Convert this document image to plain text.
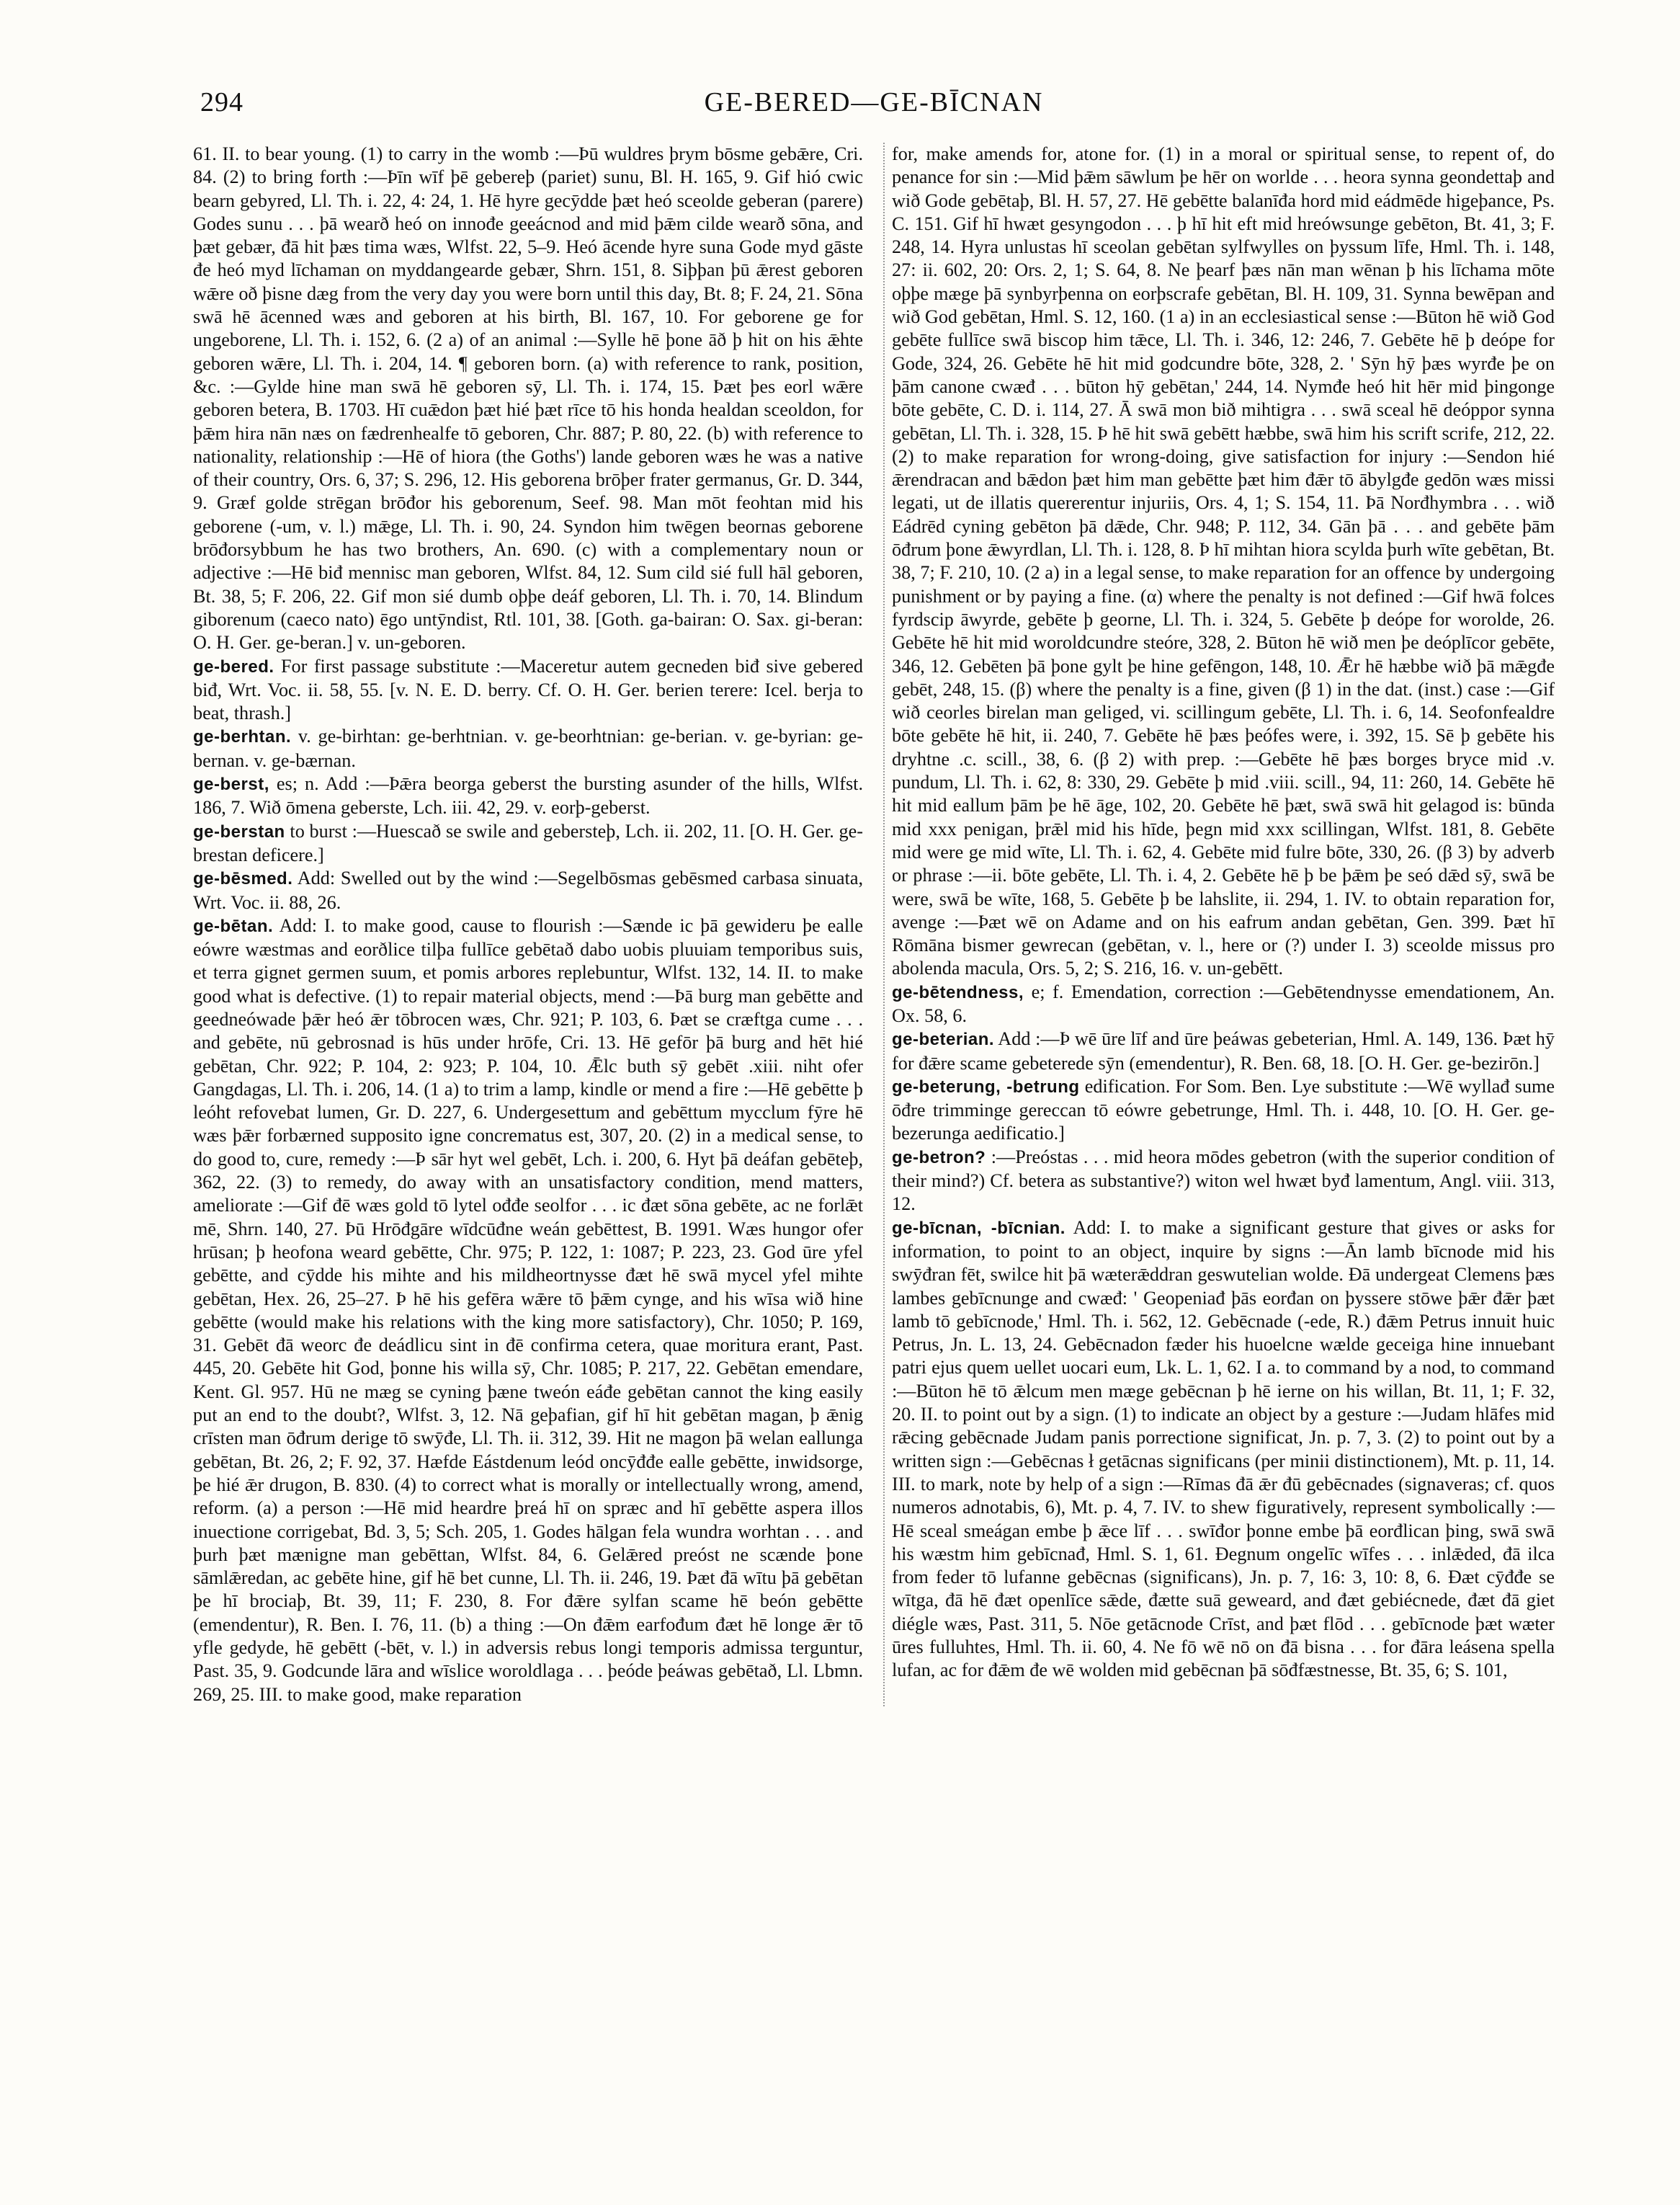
294	GE-BERED—GE-BĪCNAN

61. II. to bear young. (1) to carry in the womb :—Þū wuldres þrym bōsme gebǣre, Cri. 84. (2) to bring forth :—Þīn wīf þē gebereþ (pariet) sunu, Bl. H. 165, 9. Gif hió cwic bearn gebyred, Ll. Th. i. 22, 4: 24, 1. Hē hyre gecȳdde þæt heó sceolde geberan (parere) Godes sunu . . . þā wearð heó on innođe geeácnod and mid þǣm cilde wearð sōna, and þæt gebær, đā hit þæs tima wæs, Wlfst. 22, 5–9. Heó ācende hyre suna Gode myd gāste đe heó myd līchaman on myddangearde gebær, Shrn. 151, 8. Siþþan þū ǣrest geboren wǣre oð þisne dæg from the very day you were born until this day, Bt. 8; F. 24, 21. Sōna swā hē ācenned wæs and geboren at his birth, Bl. 167, 10. For geborene ge for ungeborene, Ll. Th. i. 152, 6. (2 a) of an animal :—Sylle hē þone āð þ hit on his ǣhte geboren wǣre, Ll. Th. i. 204, 14. ¶ geboren born. (a) with reference to rank, position, &c. :—Gylde hine man swā hē geboren sȳ, Ll. Th. i. 174, 15. Þæt þes eorl wǣre geboren betera, B. 1703. Hī cuǣdon þæt hié þæt rīce tō his honda healdan sceoldon, for þǣm hira nān næs on fædrenhealfe tō geboren, Chr. 887; P. 80, 22. (b) with reference to nationality, relationship :—Hē of hiora (the Goths') lande geboren wæs he was a native of their country, Ors. 6, 37; S. 296, 12. His geborena brōþer frater germanus, Gr. D. 344, 9. Græf golde strēgan brōđor his geborenum, Seef. 98. Man mōt feohtan mid his geborene (-um, v. l.) mǣge, Ll. Th. i. 90, 24. Syndon him twēgen beornas geborene brōđorsybbum he has two brothers, An. 690. (c) with a complementary noun or adjective :—Hē biđ mennisc man geboren, Wlfst. 84, 12. Sum cild sié full hāl geboren, Bt. 38, 5; F. 206, 22. Gif mon sié dumb oþþe deáf geboren, Ll. Th. i. 70, 14. Blindum giborenum (caeco nato) ēgo untȳndist, Rtl. 101, 38. [Goth. ga-bairan: O. Sax. gi-beran: O. H. Ger. ge-beran.] v. un-geboren.

ge-bered. For first passage substitute :—Maceretur autem gecneden biđ sive gebered biđ, Wrt. Voc. ii. 58, 55. [v. N. E. D. berry. Cf. O. H. Ger. berien terere: Icel. berja to beat, thrash.]

ge-berhtan. v. ge-birhtan: ge-berhtnian. v. ge-beorhtnian: ge-berian. v. ge-byrian: ge-bernan. v. ge-bærnan.

ge-berst, es; n. Add :—Þǣra beorga geberst the bursting asunder of the hills, Wlfst. 186, 7. Wið ōmena geberste, Lch. iii. 42, 29. v. eorþ-geberst.

ge-berstan to burst :—Huescað se swile and gebersteþ, Lch. ii. 202, 11. [O. H. Ger. ge-brestan deficere.]

ge-bēsmed. Add: Swelled out by the wind :—Segelbōsmas gebēsmed carbasa sinuata, Wrt. Voc. ii. 88, 26.

ge-bētan. Add: I. to make good, cause to flourish :—Sænde ic þā gewideru þe ealle eówre wæstmas and eorðlice tilþa fullīce gebētað dabo uobis pluuiam temporibus suis, et terra gignet germen suum, et pomis arbores replebuntur, Wlfst. 132, 14. II. to make good what is defective. (1) to repair material objects, mend :—Þā burg man gebētte and geedneówade þǣr heó ǣr tōbrocen wæs, Chr. 921; P. 103, 6. Þæt se cræftga cume . . . and gebēte, nū gebrosnad is hūs under hrōfe, Cri. 13. Hē gefōr þā burg and hēt hié gebētan, Chr. 922; P. 104, 2: 923; P. 104, 10. Ǣlc buth sȳ gebēt .xiii. niht ofer Gangdagas, Ll. Th. i. 206, 14. (1 a) to trim a lamp, kindle or mend a fire :—Hē gebētte þ leóht refovebat lumen, Gr. D. 227, 6. Undergesettum and gebēttum mycclum fȳre hē wæs þǣr forbærned supposito igne concrematus est, 307, 20. (2) in a medical sense, to do good to, cure, remedy :—Þ sār hyt wel gebēt, Lch. i. 200, 6. Hyt þā deáfan gebēteþ, 362, 22. (3) to remedy, do away with an unsatisfactory condition, mend matters, ameliorate :—Gif đē wæs gold tō lytel ođđe seolfor . . . ic đæt sōna gebēte, ac ne forlǣt mē, Shrn. 140, 27. Þū Hrōđgāre wīdcūđne weán gebēttest, B. 1991. Wæs hungor ofer hrūsan; þ heofona weard gebētte, Chr. 975; P. 122, 1: 1087; P. 223, 23. God ūre yfel gebētte, and cȳdde his mihte and his mildheortnysse đæt hē swā mycel yfel mihte gebētan, Hex. 26, 25–27. Þ hē his gefēra wǣre tō þǣm cynge, and his wīsa wið hine gebētte (would make his relations with the king more satisfactory), Chr. 1050; P. 169, 31. Gebēt đā weorc đe deádlicu sint in đē confirma cetera, quae moritura erant, Past. 445, 20. Gebēte hit God, þonne his willa sȳ, Chr. 1085; P. 217, 22. Gebētan emendare, Kent. Gl. 957. Hū ne mæg se cyning þæne tweón eáđe gebētan cannot the king easily put an end to the doubt?, Wlfst. 3, 12. Nā geþafian, gif hī hit gebētan magan, þ ǣnig crīsten man ōđrum derige tō swȳđe, Ll. Th. ii. 312, 39. Hit ne magon þā welan eallunga gebētan, Bt. 26, 2; F. 92, 37. Hæfde Eástdenum leód oncȳđđe ealle gebētte, inwidsorge, þe hié ǣr drugon, B. 830. (4) to correct what is morally or intellectually wrong, amend, reform. (a) a person :—Hē mid heardre þreá hī on spræc and hī gebētte aspera illos inuectione corrigebat, Bd. 3, 5; Sch. 205, 1. Godes hālgan fela wundra worhtan . . . and þurh þæt mænigne man gebēttan, Wlfst. 84, 6. Gelǣred preóst ne scænde þone sāmlǣredan, ac gebēte hine, gif hē bet cunne, Ll. Th. ii. 246, 19. Þæt đā wītu þā gebētan þe hī brociaþ, Bt. 39, 11; F. 230, 8. For đǣre sylfan scame hē beón gebētte (emendentur), R. Ben. I. 76, 11. (b) a thing :—On đǣm earfođum đæt hē longe ǣr tō yfle gedyde, hē gebētt (-bēt, v. l.) in adversis rebus longi temporis admissa terguntur, Past. 35, 9. Godcunde lāra and wīslice woroldlaga . . . þeóde þeáwas gebētað, Ll. Lbmn. 269, 25. III. to make good, make reparation

for, make amends for, atone for. (1) in a moral or spiritual sense, to repent of, do penance for sin :—Mid þǣm sāwlum þe hēr on worlde . . . heora synna geondettaþ and wið Gode gebētaþ, Bl. H. 57, 27. Hē gebētte balanīđa hord mid eádmēde higeþance, Ps. C. 151. Gif hī hwæt gesyngodon . . . þ hī hit eft mid hreówsunge gebēton, Bt. 41, 3; F. 248, 14. Hyra unlustas hī sceolan gebētan sylfwylles on þyssum līfe, Hml. Th. i. 148, 27: ii. 602, 20: Ors. 2, 1; S. 64, 8. Ne þearf þæs nān man wēnan þ his līchama mōte oþþe mæge þā synbyrþenna on eorþscrafe gebētan, Bl. H. 109, 31. Synna bewēpan and wið God gebētan, Hml. S. 12, 160. (1 a) in an ecclesiastical sense :—Būton hē wið God gebēte fullīce swā biscop him tǣce, Ll. Th. i. 346, 12: 246, 7. Gebēte hē þ deópe for Gode, 324, 26. Gebēte hē hit mid godcundre bōte, 328, 2. ' Sȳn hȳ þæs wyrđe þe on þām canone cwæđ . . . būton hȳ gebētan,' 244, 14. Nymđe heó hit hēr mid þingonge bōte gebēte, C. D. i. 114, 27. Ā swā mon bið mihtigra . . . swā sceal hē deóppor synna gebētan, Ll. Th. i. 328, 15. Þ hē hit swā gebētt hæbbe, swā him his scrift scrife, 212, 22. (2) to make reparation for wrong-doing, give satisfaction for injury :—Sendon hié ǣrendracan and bǣdon þæt him man gebētte þæt him đǣr tō ābylgđe gedōn wæs missi legati, ut de illatis quererentur injuriis, Ors. 4, 1; S. 154, 11. Þā Norđhymbra . . . wið Eádrēd cyning gebēton þā dǣde, Chr. 948; P. 112, 34. Gān þā . . . and gebēte þām ōđrum þone ǣwyrdlan, Ll. Th. i. 128, 8. Þ hī mihtan hiora scylda þurh wīte gebētan, Bt. 38, 7; F. 210, 10. (2 a) in a legal sense, to make reparation for an offence by undergoing punishment or by paying a fine. (α) where the penalty is not defined :—Gif hwā folces fyrdscip āwyrde, gebēte þ georne, Ll. Th. i. 324, 5. Gebēte þ deópe for worolde, 26. Gebēte hē hit mid woroldcundre steóre, 328, 2. Būton hē wið men þe deóplīcor gebēte, 346, 12. Gebēten þā þone gylt þe hine gefēngon, 148, 10. Ǣr hē hæbbe wið þā mǣgđe gebēt, 248, 15. (β) where the penalty is a fine, given (β 1) in the dat. (inst.) case :—Gif wið ceorles birelan man geliged, vi. scillingum gebēte, Ll. Th. i. 6, 14. Seofonfealdre bōte gebēte hē hit, ii. 240, 7. Gebēte hē þæs þeófes were, i. 392, 15. Sē þ gebēte his dryhtne .c. scill., 38, 6. (β 2) with prep. :—Gebēte hē þæs borges bryce mid .v. pundum, Ll. Th. i. 62, 8: 330, 29. Gebēte þ mid .viii. scill., 94, 11: 260, 14. Gebēte hē hit mid eallum þām þe hē āge, 102, 20. Gebēte hē þæt, swā swā hit gelagod is: būnda mid xxx penigan, þrǣl mid his hīde, þegn mid xxx scillingan, Wlfst. 181, 8. Gebēte mid were ge mid wīte, Ll. Th. i. 62, 4. Gebēte mid fulre bōte, 330, 26. (β 3) by adverb or phrase :—ii. bōte gebēte, Ll. Th. i. 4, 2. Gebēte hē þ be þǣm þe seó dǣd sȳ, swā be were, swā be wīte, 168, 5. Gebēte þ be lahslite, ii. 294, 1. IV. to obtain reparation for, avenge :—Þæt wē on Adame and on his eafrum andan gebētan, Gen. 399. Þæt hī Rōmāna bismer gewrecan (gebētan, v. l., here or (?) under I. 3) sceolde missus pro abolenda macula, Ors. 5, 2; S. 216, 16. v. un-gebētt.

ge-bētendness, e; f. Emendation, correction :—Gebētendnysse emendationem, An. Ox. 58, 6.

ge-beterian. Add :—Þ wē ūre līf and ūre þeáwas gebeterian, Hml. A. 149, 136. Þæt hȳ for đǣre scame gebeterede sȳn (emendentur), R. Ben. 68, 18. [O. H. Ger. ge-bezirōn.]

ge-beterung, -betrung edification. For Som. Ben. Lye substitute :—Wē wyllađ sume ōđre trimminge gereccan tō eówre gebetrunge, Hml. Th. i. 448, 10. [O. H. Ger. ge-bezerunga aedificatio.]

ge-betron? :—Preóstas . . . mid heora mōdes gebetron (with the superior condition of their mind?) Cf. betera as substantive?) witon wel hwæt byđ lamentum, Angl. viii. 313, 12.

ge-bīcnan, -bīcnian. Add: I. to make a significant gesture that gives or asks for information, to point to an object, inquire by signs :—Ān lamb bīcnode mid his swȳđran fēt, swilce hit þā wæterǣddran geswutelian wolde. Đā undergeat Clemens þæs lambes gebīcnunge and cwæđ: ' Geopeniađ þās eorđan on þyssere stōwe þǣr đǣr þæt lamb tō gebīcnode,' Hml. Th. i. 562, 12. Gebēcnade (-ede, R.) đǣm Petrus innuit huic Petrus, Jn. L. 13, 24. Gebēcnadon fæder his huoelcne wælde geceiga hine innuebant patri ejus quem uellet uocari eum, Lk. L. 1, 62. I a. to command by a nod, to command :—Būton hē tō ǣlcum men mæge gebēcnan þ hē ierne on his willan, Bt. 11, 1; F. 32, 20. II. to point out by a sign. (1) to indicate an object by a gesture :—Judam hlāfes mid rǣcing gebēcnade Judam panis porrectione significat, Jn. p. 7, 3. (2) to point out by a written sign :—Gebēcnas ł getācnas significans (per minii distinctionem), Mt. p. 11, 14. III. to mark, note by help of a sign :—Rīmas đā ǣr đū gebēcnades (signaveras; cf. quos numeros adnotabis, 6), Mt. p. 4, 7. IV. to shew figuratively, represent symbolically :—Hē sceal smeágan embe þ ǣce līf . . . swīđor þonne embe þā eorđlican þing, swā swā his wæstm him gebīcnađ, Hml. S. 1, 61. Đegnum ongelīc wīfes . . . inlǣded, đā ilca from feder tō lufanne gebēcnas (significans), Jn. p. 7, 16: 3, 10: 8, 6. Đæt cȳđđe se wītga, đā hē đæt openlīce sǣde, đætte suā geweard, and đæt gebiécnede, đæt đā giet diégle wæs, Past. 311, 5. Nōe getācnode Crīst, and þæt flōd . . . gebīcnode þæt wæter ūres fulluhtes, Hml. Th. ii. 60, 4. Ne fō wē nō on đā bisna . . . for đāra leásena spella lufan, ac for đǣm đe wē wolden mid gebēcnan þā sōđfæstnesse, Bt. 35, 6; S. 101,
